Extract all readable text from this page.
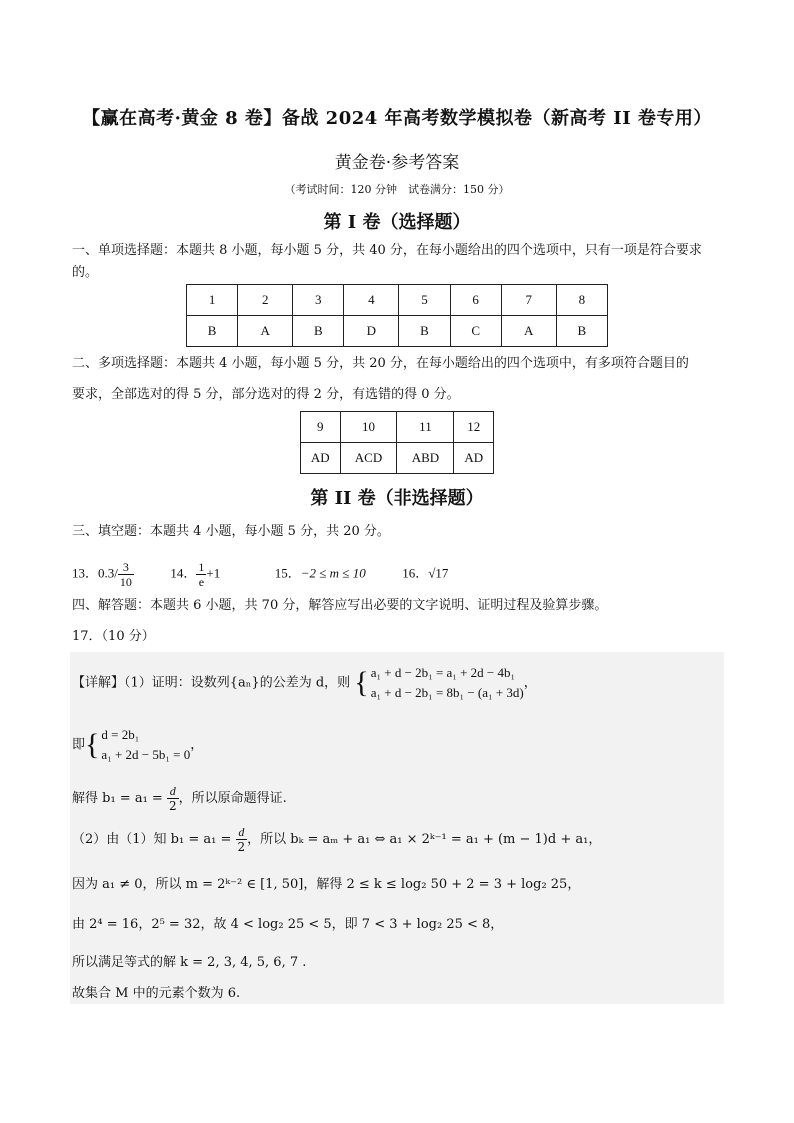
【赢在高考·黄金 8 卷】备战 2024 年高考数学模拟卷（新高考 II 卷专用）
黄金卷·参考答案
（考试时间：120 分钟　试卷满分：150 分）
第 I 卷（选择题）
一、单项选择题：本题共 8 小题，每小题 5 分，共 40 分，在每小题给出的四个选项中，只有一项是符合要求的。
1	2	3	4	5	6	7	8
B	A	B	D	B	C	A	B
二、多项选择题：本题共 4 小题，每小题 5 分，共 20 分，在每小题给出的四个选项中，有多项符合题目的
要求，全部选对的得 5 分，部分选对的得 2 分，有选错的得 0 分。
9	10	11	12
AD	ACD	ABD	AD
第 II 卷（非选择题）
三、填空题：本题共 4 小题，每小题 5 分，共 20 分。
13．$0.3/ \frac{3}{10}$	14． $\frac{1}{e} +1$	15．−2 ≤ m ≤ 10	16．√17
四、解答题：本题共 6 小题，共 70 分，解答应写出必要的文字说明、证明过程及验算步骤。
17．（10 分）
【详解】（1）证明：设数列{aₙ}的公差为 d，则 { a₁ + d − 2b₁ = a₁ + 2d − 4b₁
a₁ + d − 2b₁ = 8b₁ − (a₁ + 3d)
，
即{ d = 2b₁
a₁ + 2d − 5b₁ = 0
，
解得 $b_1 = a_1 = \frac{d}{2}$ ，所以原命题得证.
（2）由（1）知 $b_1 = a_1 = \frac{d}{2}$ ，所以 bₖ = aₘ + a₁ ⇔ a₁ × 2ᵏ⁻¹ = a₁ + (m − 1)d + a₁，
因为 a₁ ≠ 0，所以 m = 2ᵏ⁻² ∈ [1, 50]，解得 2 ≤ k ≤ log₂ 50 + 2 = 3 + log₂ 25，
由 2⁴ = 16，2⁵ = 32，故 4 < log₂ 25 < 5，即 7 < 3 + log₂ 25 < 8，
所以满足等式的解 k = 2, 3, 4, 5, 6, 7 .
故集合 M 中的元素个数为 6.
